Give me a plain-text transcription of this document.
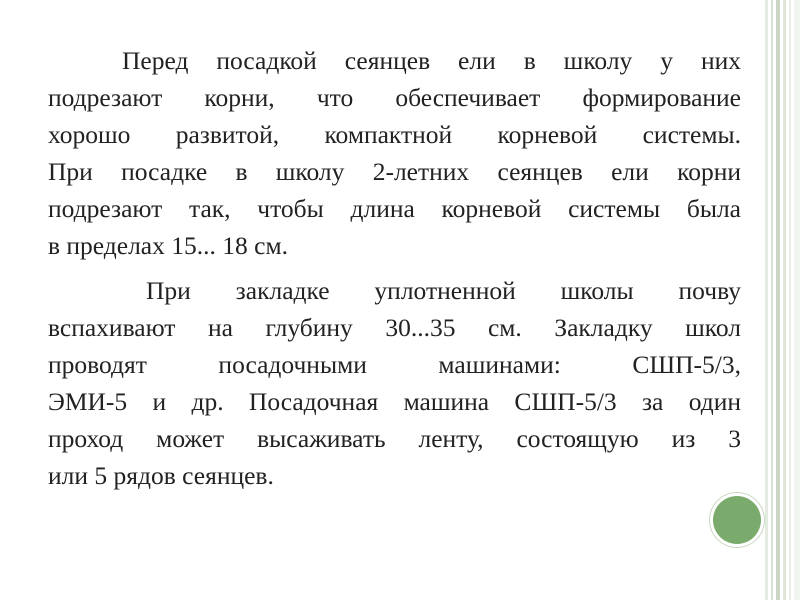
Перед посадкой сеянцев ели в школу у них
подрезают корни, что обеспечивает формирование
хорошо развитой, компактной корневой системы.
При посадке в школу 2-летних сеянцев ели корни
подрезают так, чтобы длина корневой системы была
в пределах 15... 18 см.
При закладке уплотненной школы почву
вспахивают на глубину 30...35 см. Закладку школ
проводят посадочными машинами: СШП-5/3,
ЭМИ-5 и др. Посадочная машина СШП-5/3 за один
проход может высаживать ленту, состоящую из 3
или 5 рядов сеянцев.
